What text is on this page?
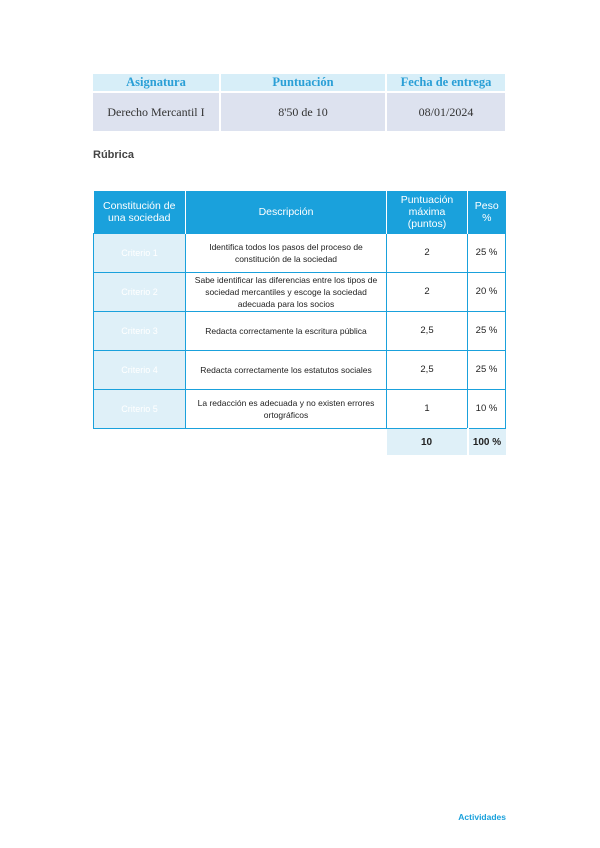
Asignatura	Puntuación	Fecha de entrega
Derecho Mercantil I	8'50 de 10	08/01/2024
Rúbrica
Constitución de una sociedad	Descripción	Puntuación máxima (puntos)	Peso %
Criterio 1	Identifica todos los pasos del proceso de constitución de la sociedad	2	25 %
Criterio 2	Sabe identificar las diferencias entre los tipos de sociedad mercantiles y escoge la sociedad adecuada para los socios	2	20 %
Criterio 3	Redacta correctamente la escritura pública	2,5	25 %
Criterio 4	Redacta correctamente los estatutos sociales	2,5	25 %
Criterio 5	La redacción es adecuada y no existen errores ortográficos	1	10 %
		10	100 %
Actividades
